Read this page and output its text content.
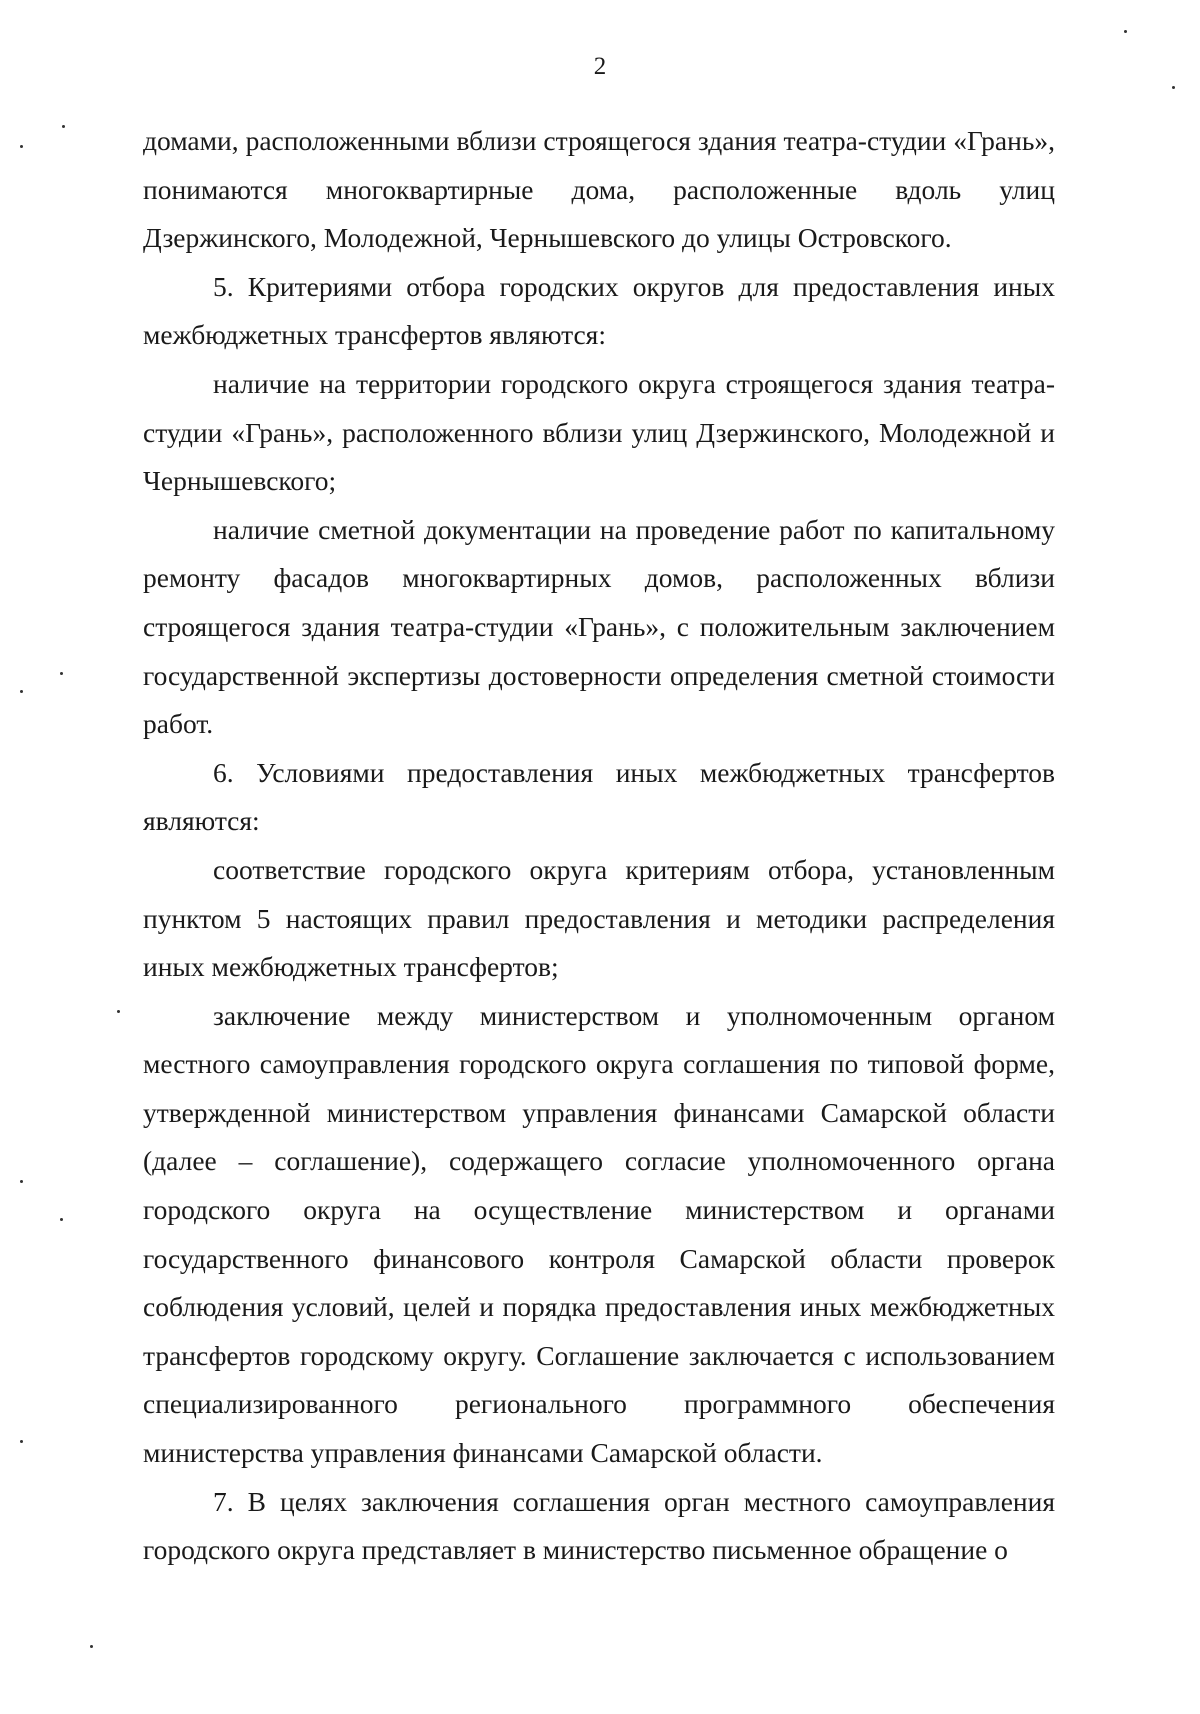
2

домами, расположенными вблизи строящегося здания театра-студии «Грань», понимаются многоквартирные дома, расположенные вдоль улиц Дзержинского, Молодежной, Чернышевского до улицы Островского.

5. Критериями отбора городских округов для предоставления иных межбюджетных трансфертов являются:

наличие на территории городского округа строящегося здания театра-студии «Грань», расположенного вблизи улиц Дзержинского, Молодежной и Чернышевского;

наличие сметной документации на проведение работ по капитальному ремонту фасадов многоквартирных домов, расположенных вблизи строящегося здания театра-студии «Грань», с положительным заключением государственной экспертизы достоверности определения сметной стоимости работ.

6. Условиями предоставления иных межбюджетных трансфертов являются:

соответствие городского округа критериям отбора, установленным пунктом 5 настоящих правил предоставления и методики распределения иных межбюджетных трансфертов;

заключение между министерством и уполномоченным органом местного самоуправления городского округа соглашения по типовой форме, утвержденной министерством управления финансами Самарской области (далее – соглашение), содержащего согласие уполномоченного органа городского округа на осуществление министерством и органами государственного финансового контроля Самарской области проверок соблюдения условий, целей и порядка предоставления иных межбюджетных трансфертов городскому округу. Соглашение заключается с использованием специализированного регионального программного обеспечения министерства управления финансами Самарской области.

7. В целях заключения соглашения орган местного самоуправления городского округа представляет в министерство письменное обращение о
